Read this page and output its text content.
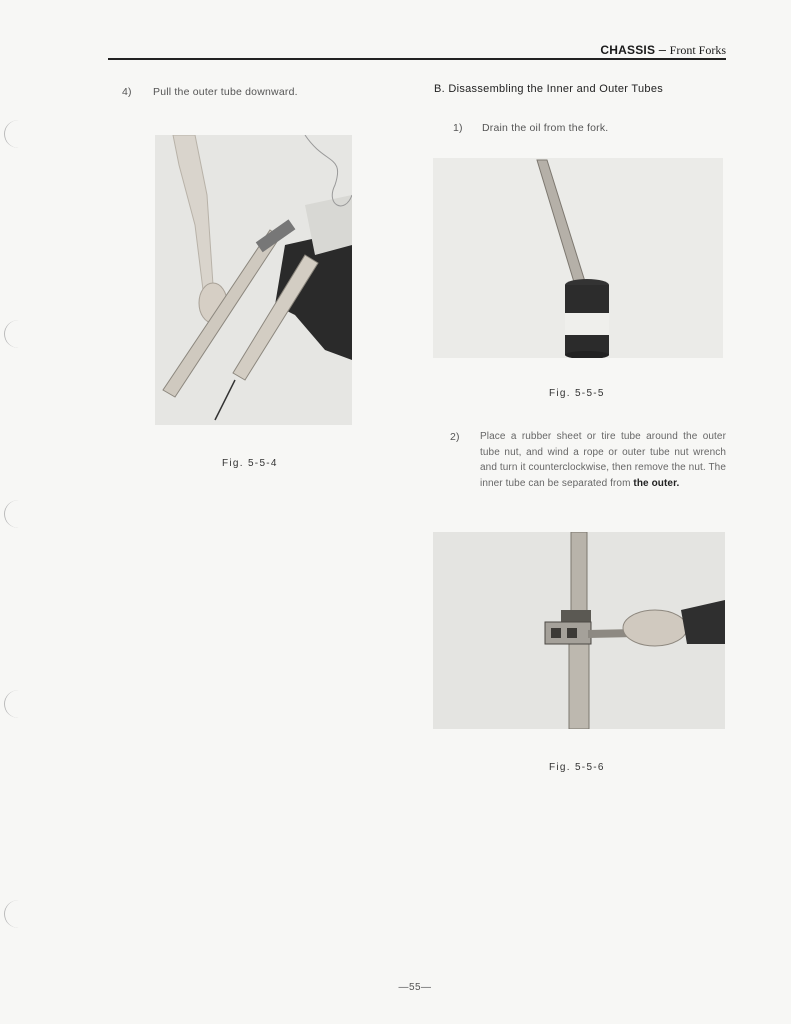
CHASSIS – Front Forks
4) Pull the outer tube downward.
Fig. 5-5-4
B. Disassembling the Inner and Outer Tubes
1) Drain the oil from the fork.
Fig. 5-5-5
2) Place a rubber sheet or tire tube around the outer tube nut, and wind a rope or outer tube nut wrench and turn it counterclockwise, then remove the nut. The inner tube can be separated from the outer.
Fig. 5-5-6
—55—
